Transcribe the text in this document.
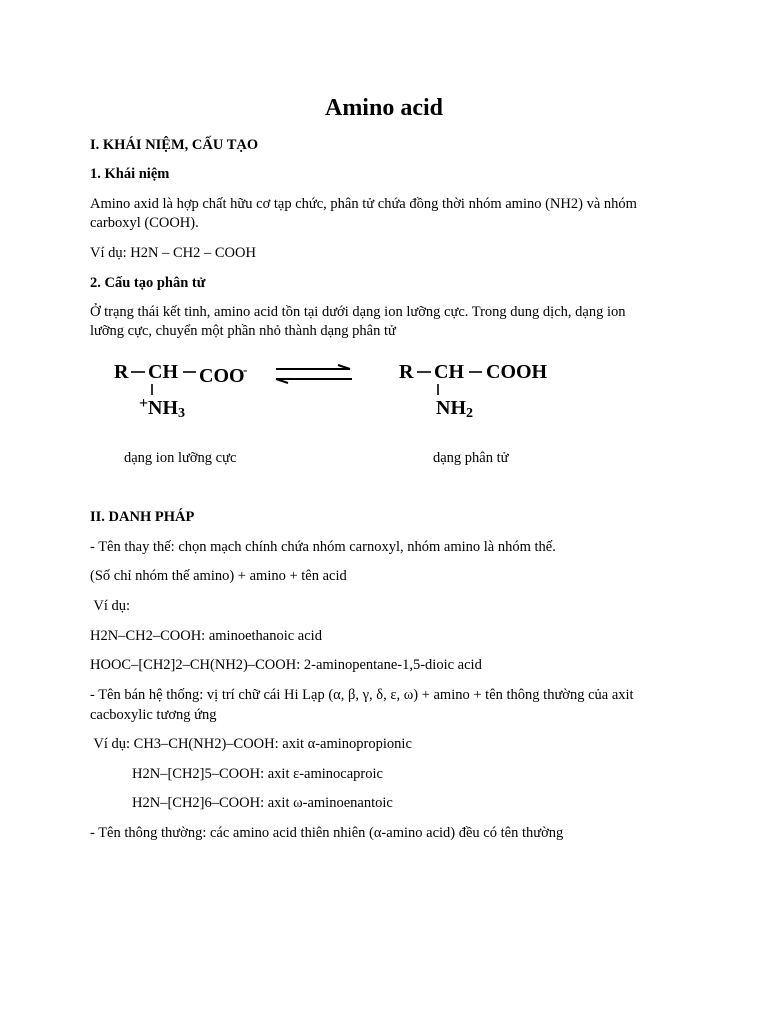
Amino acid

I. KHÁI NIỆM, CẤU TẠO

1. Khái niệm

Amino axid là hợp chất hữu cơ tạp chức, phân tử chứa đồng thời nhóm amino (NH2) và nhóm

carboxyl (COOH).

Ví dụ: H2N – CH2 – COOH

2. Cấu tạo phân tử

Ở trạng thái kết tinh, amino acid tồn tại dưới dạng ion lưỡng cực. Trong dung dịch, dạng ion

lưỡng cực, chuyển một phần nhỏ thành dạng phân tử

R CH COO
-
+ $NH_3$
R CH COOH
$NH_2$
dạng ion lưỡng cực	dạng phân tử

II. DANH PHÁP

- Tên thay thế: chọn mạch chính chứa nhóm carnoxyl, nhóm amino là nhóm thế.

(Số chỉ nhóm thế amino) + amino + tên acid

Ví dụ:

H2N–CH2–COOH: aminoethanoic acid

HOOC–[CH2]2–CH(NH2)–COOH: 2-aminopentane-1,5-dioic acid

- Tên bán hệ thống: vị trí chữ cái Hi Lạp (α, β, γ, δ, ε, ω) + amino + tên thông thường của axit

cacboxylic tương ứng

Ví dụ: CH3–CH(NH2)–COOH: axit α-aminopropionic

H2N–[CH2]5–COOH: axit ε-aminocaproic

H2N–[CH2]6–COOH: axit ω-aminoenantoic

- Tên thông thường: các amino acid thiên nhiên (α-amino acid) đều có tên thường
